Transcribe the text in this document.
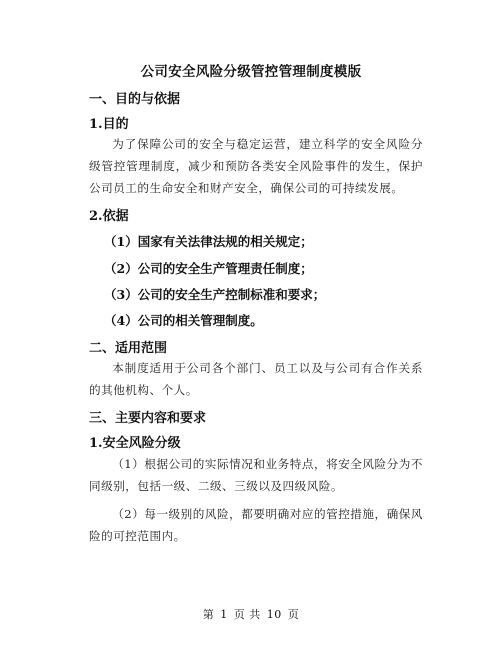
公司安全风险分级管控管理制度模版
一、目的与依据
1.目的
为了保障公司的安全与稳定运营，建立科学的安全风险分级管控管理制度，减少和预防各类安全风险事件的发生，保护公司员工的生命安全和财产安全，确保公司的可持续发展。
2.依据
（1）国家有关法律法规的相关规定；
（2）公司的安全生产管理责任制度；
（3）公司的安全生产控制标准和要求；
（4）公司的相关管理制度。
二、适用范围
本制度适用于公司各个部门、员工以及与公司有合作关系的其他机构、个人。
三、主要内容和要求
1.安全风险分级
（1）根据公司的实际情况和业务特点，将安全风险分为不同级别，包括一级、二级、三级以及四级风险。
（2）每一级别的风险，都要明确对应的管控措施，确保风险的可控范围内。
第 1 页 共 10 页
